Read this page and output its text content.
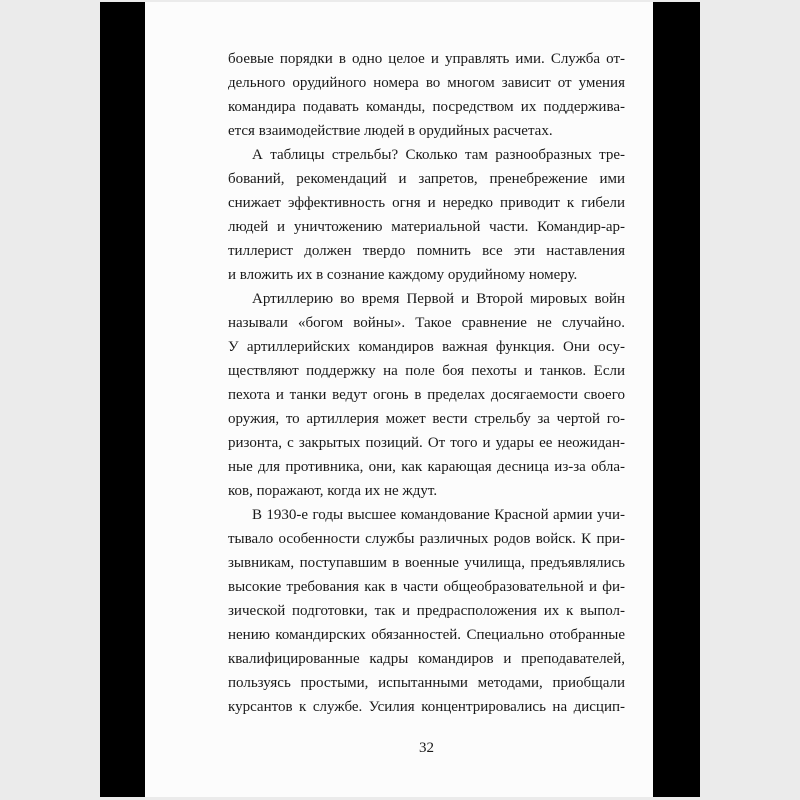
боевые порядки в одно целое и управлять ими. Служба от-
дельного орудийного номера во многом зависит от умения
командира подавать команды, посредством их поддержива-
ется взаимодействие людей в орудийных расчетах.
А таблицы стрельбы? Сколько там разнообразных тре-
бований, рекомендаций и запретов, пренебрежение ими
снижает эффективность огня и нередко приводит к гибели
людей и уничтожению материальной части. Командир-ар-
тиллерист должен твердо помнить все эти наставления
и вложить их в сознание каждому орудийному номеру.
Артиллерию во время Первой и Второй мировых войн
называли «богом войны». Такое сравнение не случайно.
У артиллерийских командиров важная функция. Они осу-
ществляют поддержку на поле боя пехоты и танков. Если
пехота и танки ведут огонь в пределах досягаемости своего
оружия, то артиллерия может вести стрельбу за чертой го-
ризонта, с закрытых позиций. От того и удары ее неожидан-
ные для противника, они, как карающая десница из-за обла-
ков, поражают, когда их не ждут.
В 1930-е годы высшее командование Красной армии учи-
тывало особенности службы различных родов войск. К при-
зывникам, поступавшим в военные училища, предъявлялись
высокие требования как в части общеобразовательной и фи-
зической подготовки, так и предрасположения их к выпол-
нению командирских обязанностей. Специально отобранные
квалифицированные кадры командиров и преподавателей,
пользуясь простыми, испытанными методами, приобщали
курсантов к службе. Усилия концентрировались на дисцип-
32
